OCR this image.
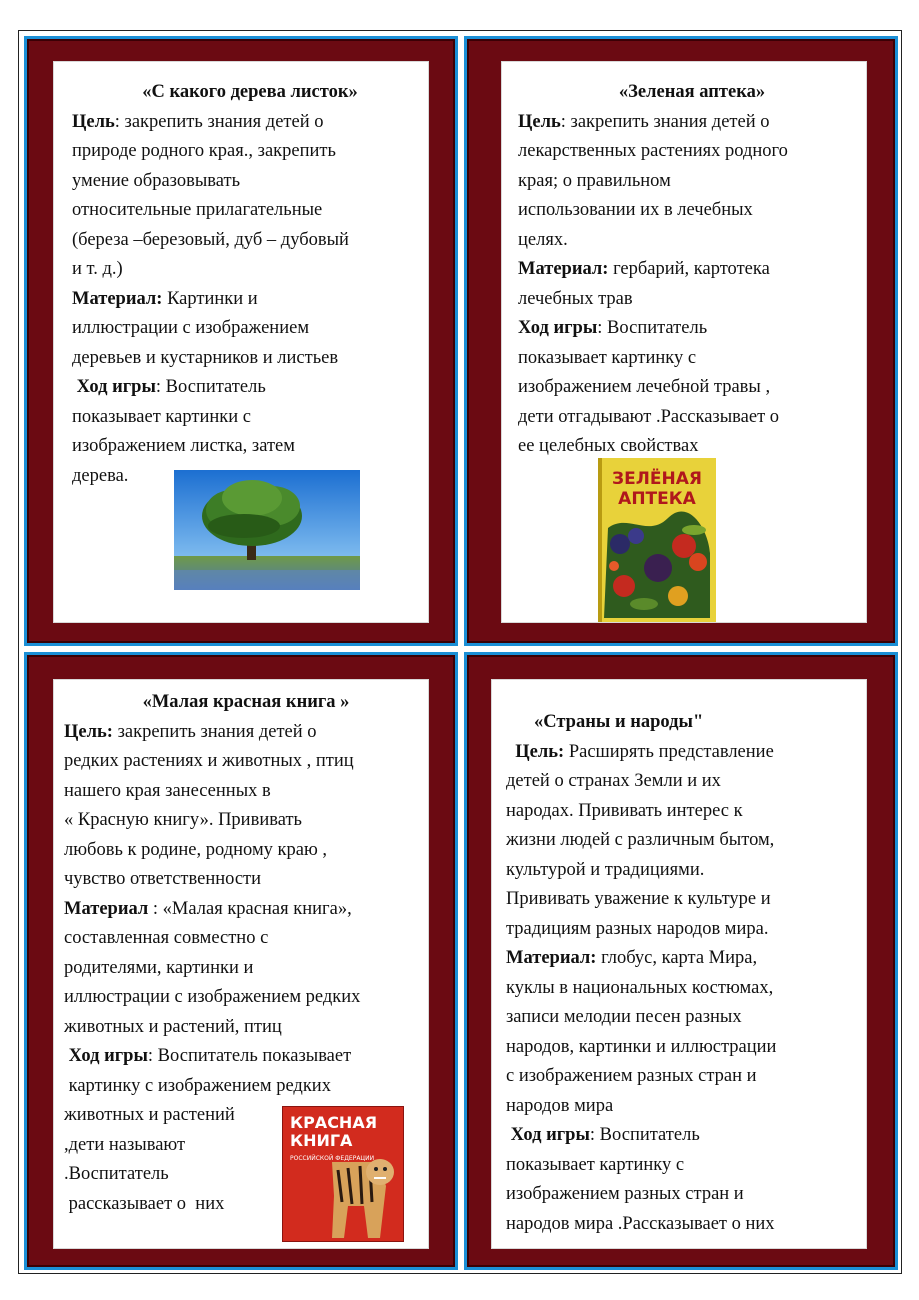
«С какого дерева листок»
Цель: закрепить знания детей о
природе родного края., закрепить
умение образовывать
относительные прилагательные
(береза –березовый, дуб – дубовый
и т. д.)
Материал: Картинки и
иллюстрации с изображением
деревьев и кустарников и листьев
Ход игры: Воспитатель
показывает картинки с
изображением листка, затем
дерева.
«Зеленая аптека»
Цель: закрепить знания детей о
лекарственных растениях родного
края; о правильном
использовании их в лечебных
целях.
Материал: гербарий, картотека
лечебных трав
Ход игры: Воспитатель
показывает картинку с
изображением лечебной травы ,
дети отгадывают .Рассказывает о
ее целебных свойствах
ЗЕЛЁНАЯ
АПТЕКА
«Малая красная книга »
Цель: закрепить знания детей о
редких растениях и животных , птиц
нашего края занесенных в
« Красную книгу». Прививать
любовь к родине, родному краю ,
чувство ответственности
Материал : «Малая красная книга»,
составленная совместно с
родителями, картинки и
иллюстрации с изображением редких
животных и растений, птиц
Ход игры: Воспитатель показывает
картинку с изображением редких
животных и растений
,дети называют
.Воспитатель
рассказывает о  них
КРАСНАЯ
КНИГА
РОССИЙСКОЙ ФЕДЕРАЦИИ
«Страны и народы"
Цель: Расширять представление
детей о странах Земли и их
народах. Прививать интерес к
жизни людей с различным бытом,
культурой и традициями.
Прививать уважение к культуре и
традициям разных народов мира.
Материал: глобус, карта Мира,
куклы в национальных костюмах,
записи мелодии песен разных
народов, картинки и иллюстрации
с изображением разных стран и
народов мира
Ход игры: Воспитатель
показывает картинку с
изображением разных стран и
народов мира .Рассказывает о них
